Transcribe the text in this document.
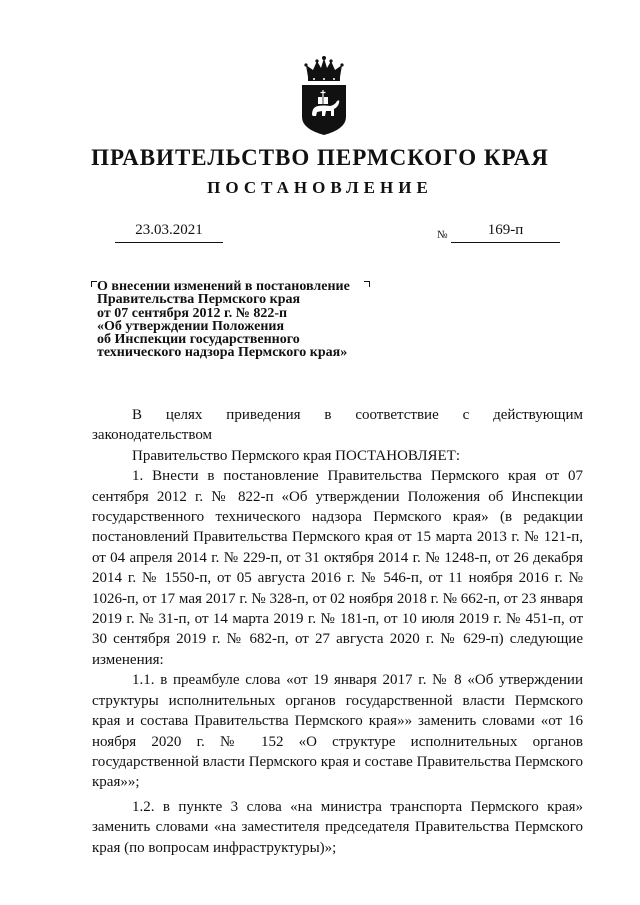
ПРАВИТЕЛЬСТВО ПЕРМСКОГО КРАЯ
ПОСТАНОВЛЕНИЕ
23.03.2021	№	169-п
О внесении изменений в постановление
Правительства Пермского края
от 07 сентября 2012 г. № 822-п
«Об утверждении Положения
об Инспекции государственного
технического надзора Пермского края»

В целях приведения в соответствие с действующим

законодательством

Правительство Пермского края ПОСТАНОВЛЯЕТ:

1. Внести в постановление Правительства Пермского края от 07 сентября 2012 г. № 822-п «Об утверждении Положения об Инспекции государственного технического надзора Пермского края» (в редакции постановлений Правительства Пермского края от 15 марта 2013 г. № 121-п, от 04 апреля 2014 г. № 229-п, от 31 октября 2014 г. № 1248-п, от 26 декабря 2014 г. № 1550-п, от 05 августа 2016 г. № 546-п, от 11 ноября 2016 г. № 1026-п, от 17 мая 2017 г. № 328-п, от 02 ноября 2018 г. № 662-п, от 23 января 2019 г. № 31-п, от 14 марта 2019 г. № 181-п, от 10 июля 2019 г. № 451-п, от 30 сентября 2019 г. № 682-п, от 27 августа 2020 г. № 629-п) следующие изменения:

1.1. в преамбуле слова «от 19 января 2017 г. № 8 «Об утверждении структуры исполнительных органов государственной власти Пермского края и состава Правительства Пермского края»» заменить словами «от 16 ноября 2020 г. № 152 «О структуре исполнительных органов государственной власти Пермского края и составе Правительства Пермского края»»;

1.2. в пункте 3 слова «на министра транспорта Пермского края» заменить словами «на заместителя председателя Правительства Пермского края (по вопросам инфраструктуры)»;
